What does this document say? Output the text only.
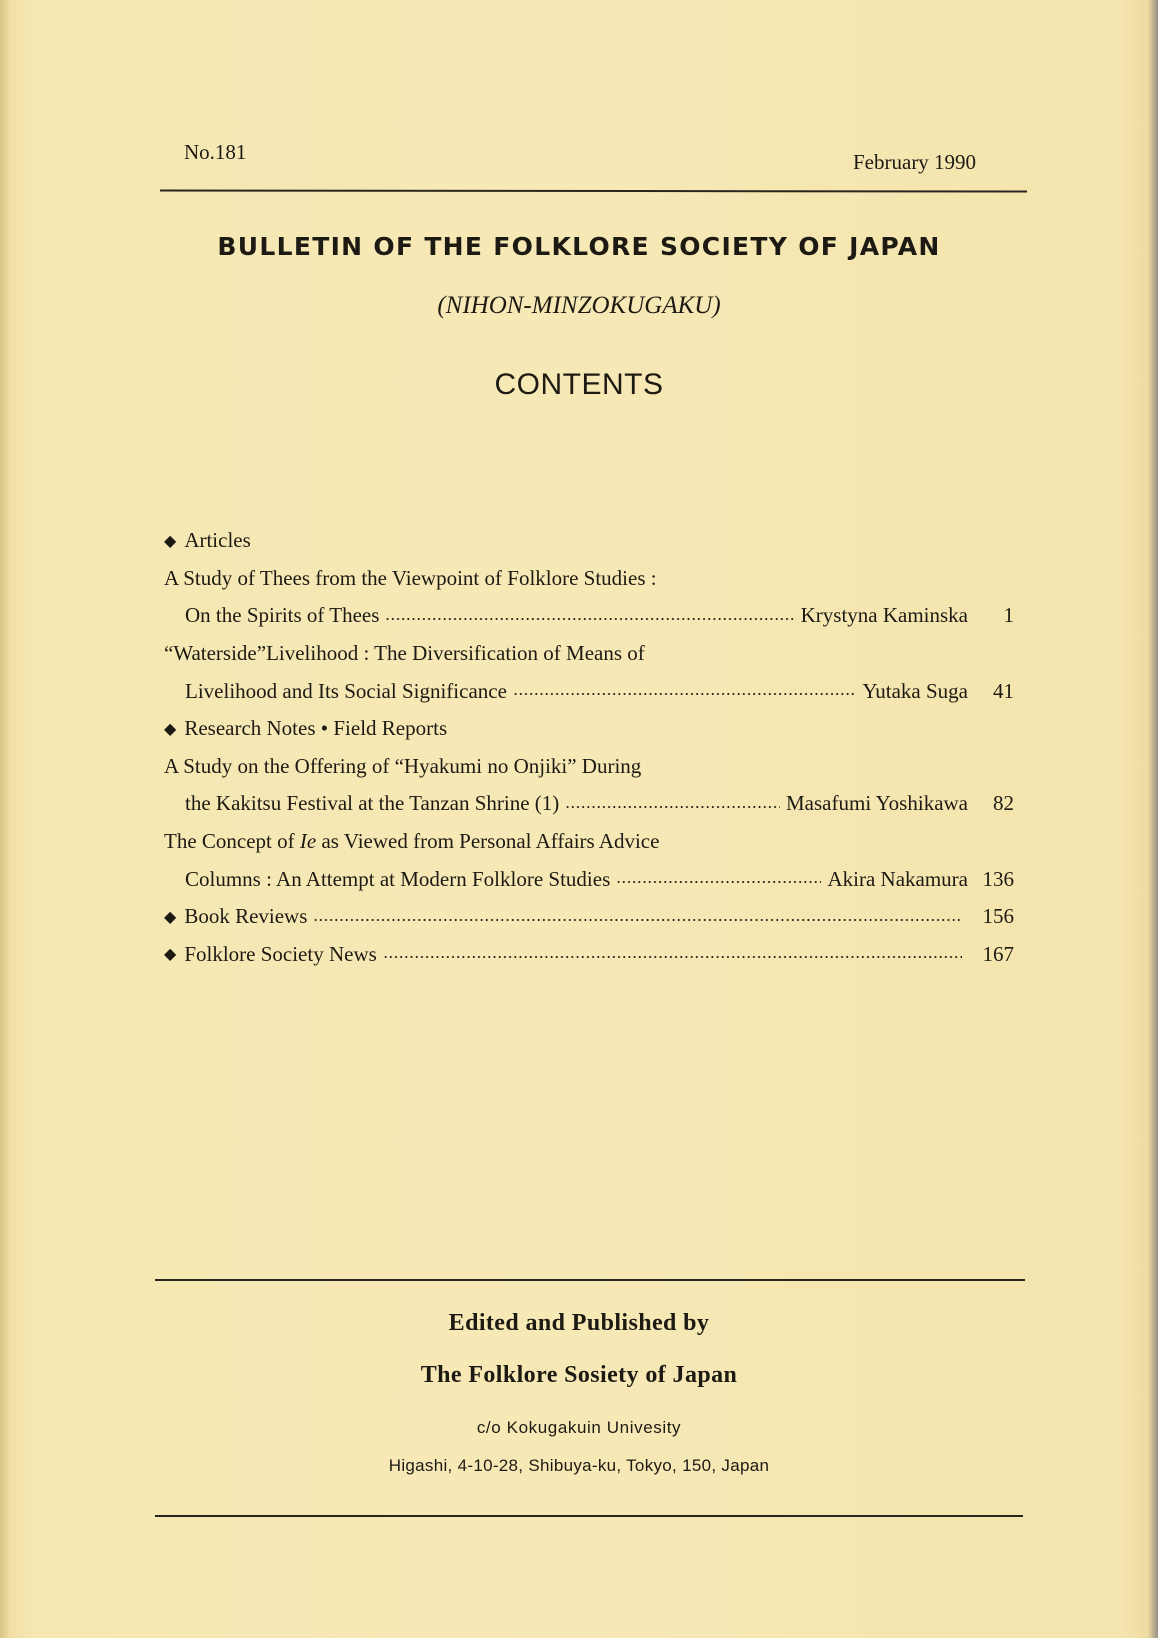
No.181	February 1990
BULLETIN OF THE FOLKLORE SOCIETY OF JAPAN
(NIHON-MINZOKUGAKU)
CONTENTS
◆ Articles
A Study of Thees from the Viewpoint of Folklore Studies :
On the Spirits of Thees	Krystyna Kaminska	1
“Waterside”Livelihood : The Diversification of Means of
Livelihood and Its Social Significance	Yutaka Suga	41
◆ Research Notes • Field Reports
A Study on the Offering of “Hyakumi no Onjiki” During
the Kakitsu Festival at the Tanzan Shrine (1)	Masafumi Yoshikawa	82
The Concept of Ie as Viewed from Personal Affairs Advice
Columns : An Attempt at Modern Folklore Studies	Akira Nakamura 136
◆ Book Reviews	156
◆ Folklore Society News	167
Edited and Published by
The Folklore Sosiety of Japan
c/o Kokugakuin Univesity
Higashi, 4-10-28, Shibuya-ku, Tokyo, 150, Japan
